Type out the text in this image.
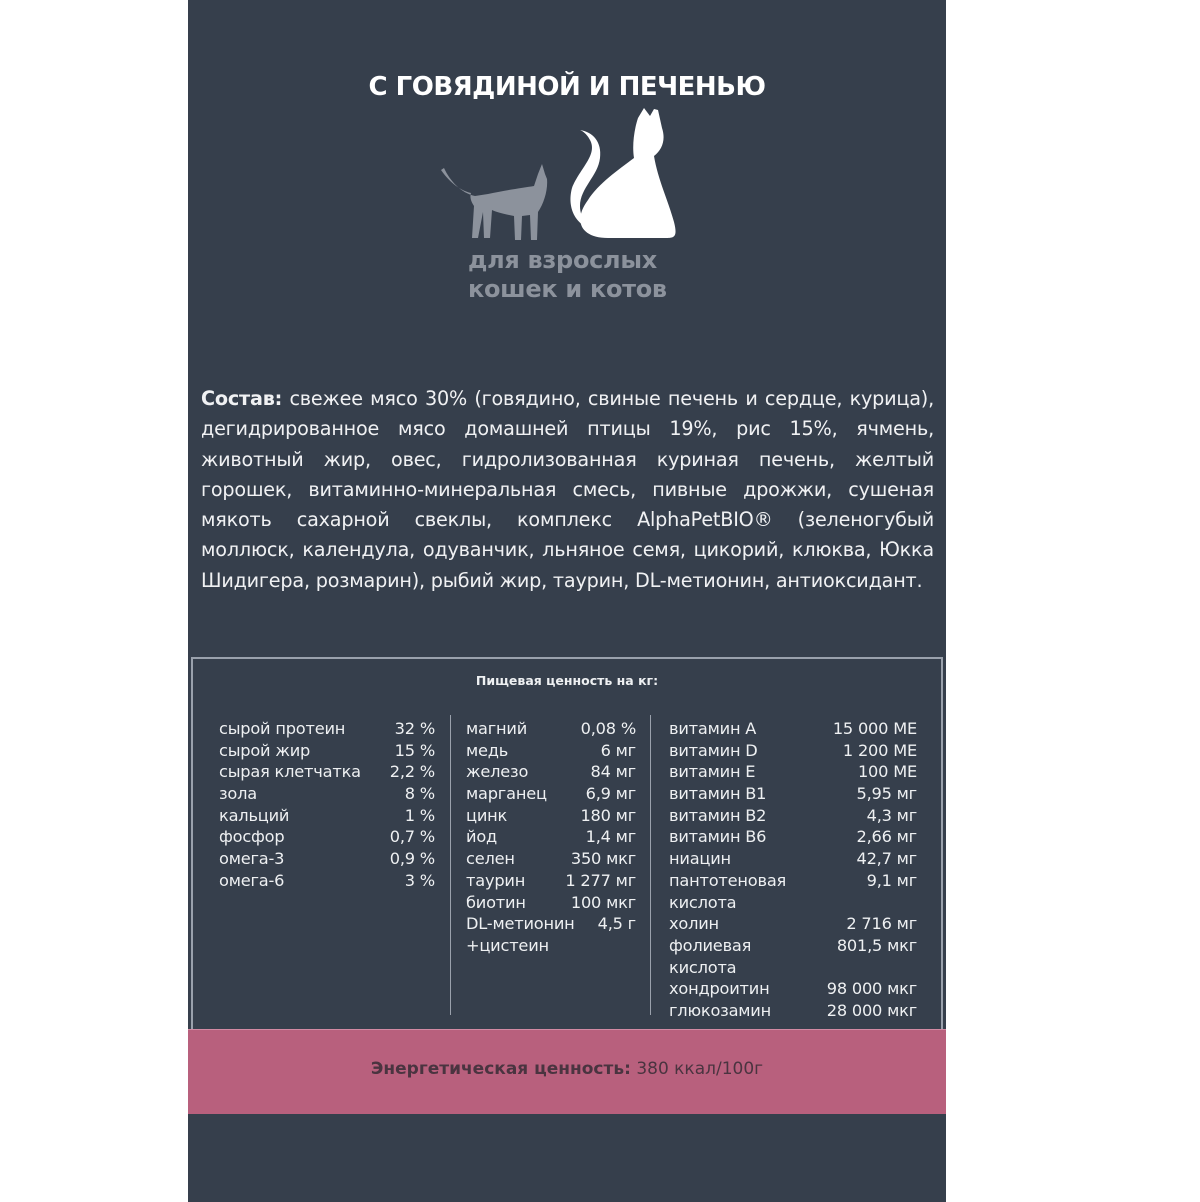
С ГОВЯДИНОЙ И ПЕЧЕНЬЮ
для взрослых
кошек и котов
Состав: свежее мясо 30% (говядино, свиные печень и сердце, курица), дегидрированное мясо домашней птицы 19%, рис 15%, ячмень, животный жир, овес, гидролизованная куриная печень, желтый горошек, витаминно-минеральная смесь, пивные дрожжи, сушеная мякоть сахарной свеклы, комплекс AlphaPetBIO® (зеленогубый моллюск, календула, одуванчик, льняное семя, цикорий, клюква, Юкка Шидигера, розмарин), рыбий жир, таурин, DL-метионин, антиоксидант.
Пищевая ценность на кг:
сырой протеин	32 %
сырой жир	15 %
сырая клетчатка 2,2 %
зола	8 %
кальций	1 %
фосфор	0,7 %
омега-3	0,9 %
омега-6	3 %
магний	0,08 %
медь	6 мг
железо	84 мг
марганец 6,9 мг
цинк	180 мг
йод	1,4 мг
селен	350 мкг
таурин 1 277 мг
биотин	100 мкг
DL-метионин 4,5 г
+цистеин
витамин А	15 000 МЕ
витамин D	1 200 МЕ
витамин Е	100 МЕ
витамин В1	5,95 мг
витамин В2	4,3 мг
витамин В6	2,66 мг
ниацин	42,7 мг
пантотеновая	9,1 мг
кислота
холин	2 716 мг
фолиевая	801,5 мкг
кислота
хондроитин	98 000 мкг
глюкозамин	28 000 мкг
Энергетическая ценность: 380 ккал/100г
